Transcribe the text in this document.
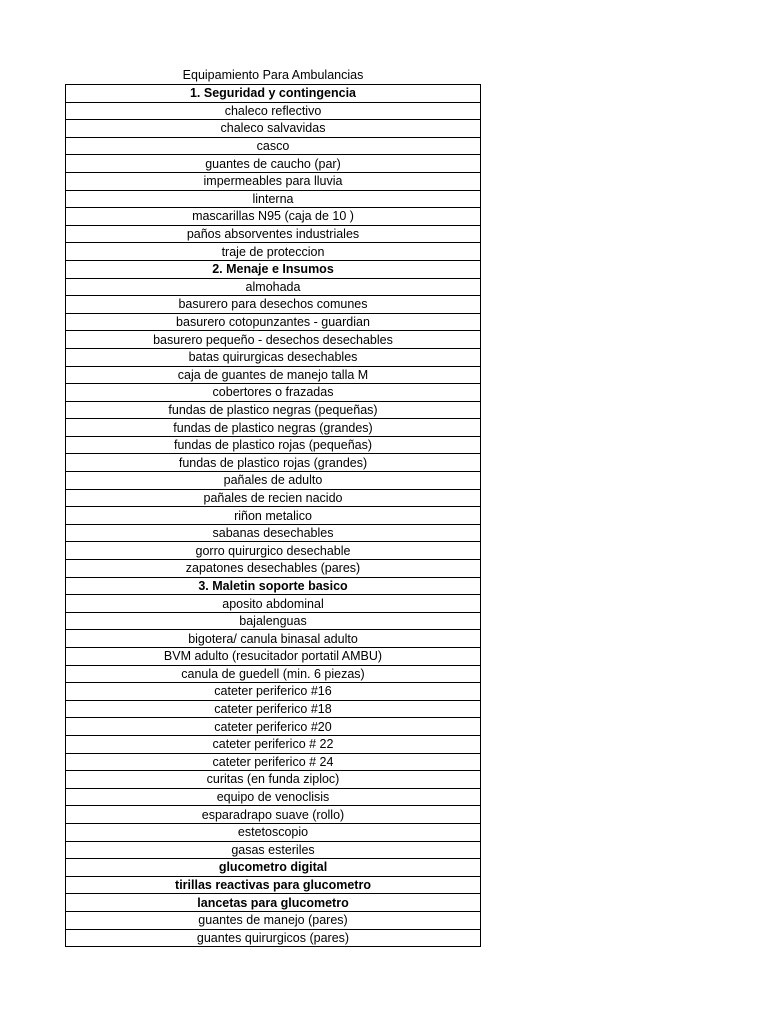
Equipamiento Para Ambulancias
1. Seguridad y contingencia
chaleco reflectivo
chaleco salvavidas
casco
guantes de caucho (par)
impermeables para lluvia
linterna
mascarillas N95 (caja de 10 )
paños absorventes industriales
traje de proteccion
2. Menaje e Insumos
almohada
basurero para desechos comunes
basurero cotopunzantes - guardian
basurero pequeño - desechos desechables
batas quirurgicas desechables
caja de guantes de manejo talla M
cobertores o frazadas
fundas de plastico negras (pequeñas)
fundas de plastico negras (grandes)
fundas de plastico rojas (pequeñas)
fundas de plastico rojas (grandes)
pañales de adulto
pañales de recien nacido
riñon metalico
sabanas desechables
gorro quirurgico desechable
zapatones desechables (pares)
3. Maletin soporte basico
aposito abdominal
bajalenguas
bigotera/ canula binasal adulto
BVM adulto (resucitador portatil AMBU)
canula de guedell (min. 6 piezas)
cateter periferico #16
cateter periferico #18
cateter periferico #20
cateter periferico # 22
cateter periferico # 24
curitas (en funda ziploc)
equipo de venoclisis
esparadrapo suave (rollo)
estetoscopio
gasas esteriles
glucometro digital
tirillas reactivas para glucometro
lancetas para glucometro
guantes de manejo (pares)
guantes quirurgicos (pares)
